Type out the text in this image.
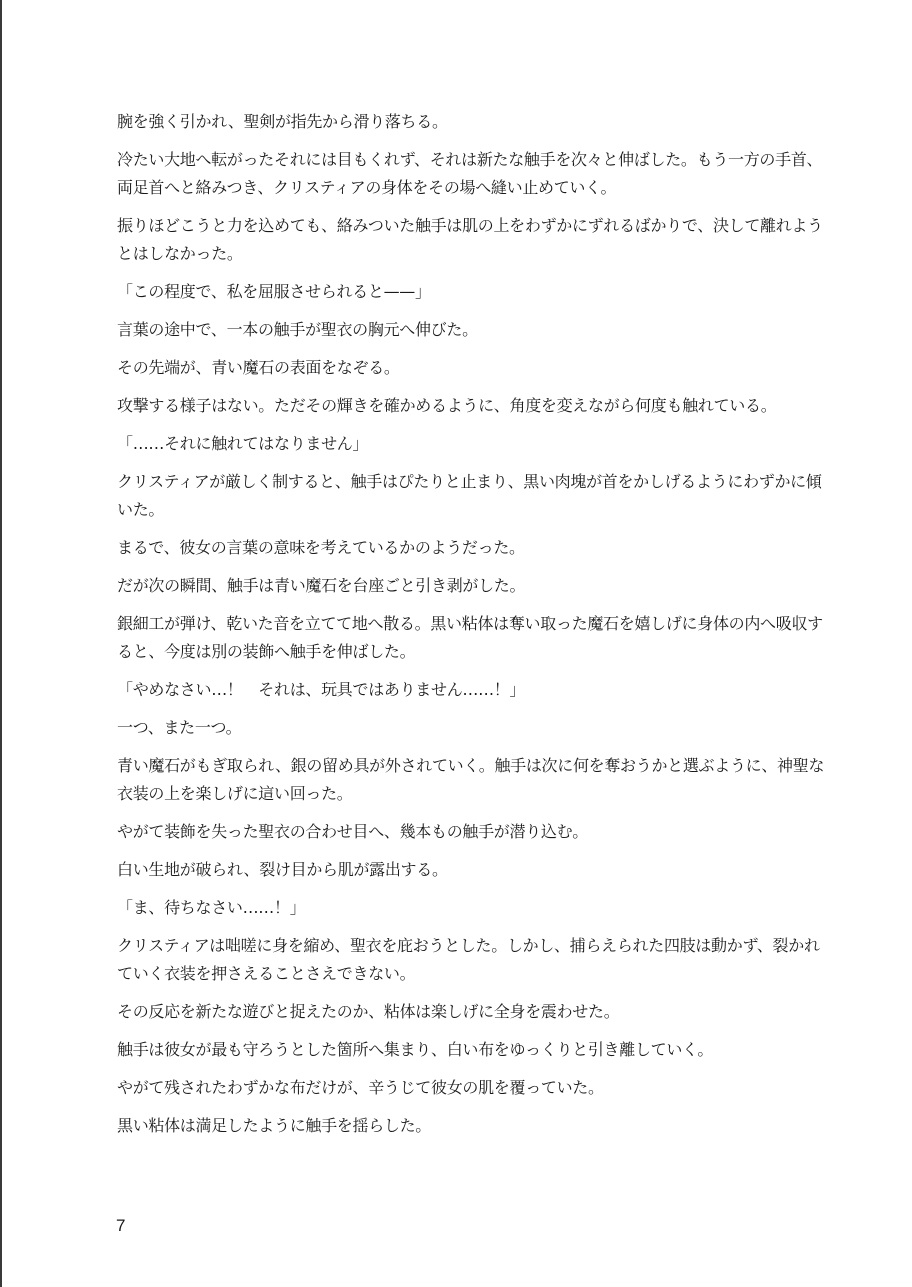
腕を強く引かれ、聖剣が指先から滑り落ちる。

冷たい大地へ転がったそれには目もくれず、それは新たな触手を次々と伸ばした。もう一方の手首、両足首へと絡みつき、クリスティアの身体をその場へ縫い止めていく。

振りほどこうと力を込めても、絡みついた触手は肌の上をわずかにずれるばかりで、決して離れようとはしなかった。

「この程度で、私を屈服させられると——」

言葉の途中で、一本の触手が聖衣の胸元へ伸びた。

その先端が、青い魔石の表面をなぞる。

攻撃する様子はない。ただその輝きを確かめるように、角度を変えながら何度も触れている。

「……それに触れてはなりません」

クリスティアが厳しく制すると、触手はぴたりと止まり、黒い肉塊が首をかしげるようにわずかに傾いた。

まるで、彼女の言葉の意味を考えているかのようだった。

だが次の瞬間、触手は青い魔石を台座ごと引き剥がした。

銀細工が弾け、乾いた音を立てて地へ散る。黒い粘体は奪い取った魔石を嬉しげに身体の内へ吸収すると、今度は別の装飾へ触手を伸ばした。

「やめなさい…！　それは、玩具ではありません……！」

一つ、また一つ。

青い魔石がもぎ取られ、銀の留め具が外されていく。触手は次に何を奪おうかと選ぶように、神聖な衣装の上を楽しげに這い回った。

やがて装飾を失った聖衣の合わせ目へ、幾本もの触手が潜り込む。

白い生地が破られ、裂け目から肌が露出する。

「ま、待ちなさい……！」

クリスティアは咄嗟に身を縮め、聖衣を庇おうとした。しかし、捕らえられた四肢は動かず、裂かれていく衣装を押さえることさえできない。

その反応を新たな遊びと捉えたのか、粘体は楽しげに全身を震わせた。

触手は彼女が最も守ろうとした箇所へ集まり、白い布をゆっくりと引き離していく。

やがて残されたわずかな布だけが、辛うじて彼女の肌を覆っていた。

黒い粘体は満足したように触手を揺らした。

7
